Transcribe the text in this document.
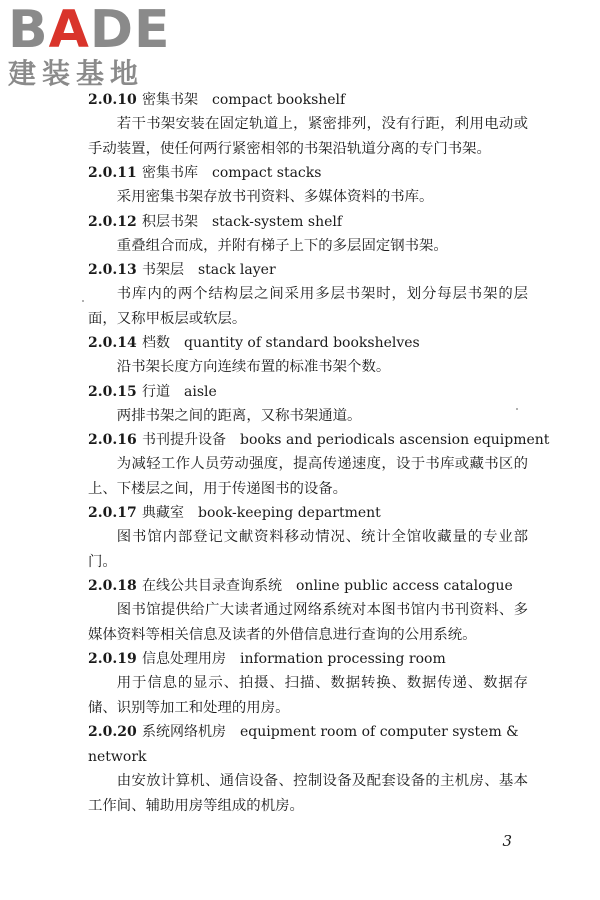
BADE
建装基地
2.0.10 密集书架 compact bookshelf

若干书架安装在固定轨道上，紧密排列，没有行距，利用电动或手动装置，使任何两行紧密相邻的书架沿轨道分离的专门书架。

2.0.11 密集书库 compact stacks

采用密集书架存放书刊资料、多媒体资料的书库。

2.0.12 积层书架 stack-system shelf

重叠组合而成，并附有梯子上下的多层固定钢书架。

2.0.13 书架层 stack layer

书库内的两个结构层之间采用多层书架时，划分每层书架的层面，又称甲板层或软层。

2.0.14 档数 quantity of standard bookshelves

沿书架长度方向连续布置的标准书架个数。

2.0.15 行道 aisle

两排书架之间的距离，又称书架通道。

2.0.16 书刊提升设备 books and periodicals ascension equipment

为减轻工作人员劳动强度，提高传递速度，设于书库或藏书区的上、下楼层之间，用于传递图书的设备。

2.0.17 典藏室 book-keeping department

图书馆内部登记文献资料移动情况、统计全馆收藏量的专业部门。

2.0.18 在线公共目录查询系统 online public access catalogue

图书馆提供给广大读者通过网络系统对本图书馆内书刊资料、多媒体资料等相关信息及读者的外借信息进行查询的公用系统。

2.0.19 信息处理用房 information processing room

用于信息的显示、拍摄、扫描、数据转换、数据传递、数据存储、识别等加工和处理的用房。

2.0.20 系统网络机房 equipment room of computer system & network

由安放计算机、通信设备、控制设备及配套设备的主机房、基本工作间、辅助用房等组成的机房。

3
